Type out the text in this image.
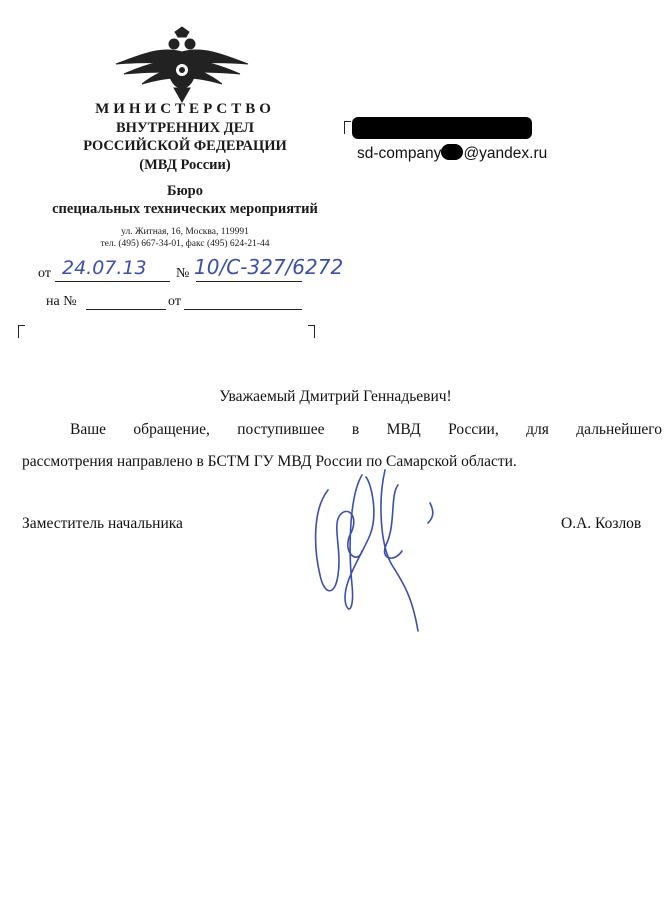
МИНИСТЕРСТВО
ВНУТРЕННИХ ДЕЛ
РОССИЙСКОЙ ФЕДЕРАЦИИ
(МВД России)
Бюро
специальных технических мероприятий
ул. Житная, 16, Москва, 119991
тел. (495) 667-34-01, факс (495) 624-21-44
от 24.07.13 № 10/С-327/6272
на №	от
sd-company @yandex.ru
Уважаемый Дмитрий Геннадьевич!
Ваше обращение, поступившее в МВД России, для дальнейшего
рассмотрения направлено в БСТМ ГУ МВД России по Самарской области.
Заместитель начальника	О.А. Козлов
